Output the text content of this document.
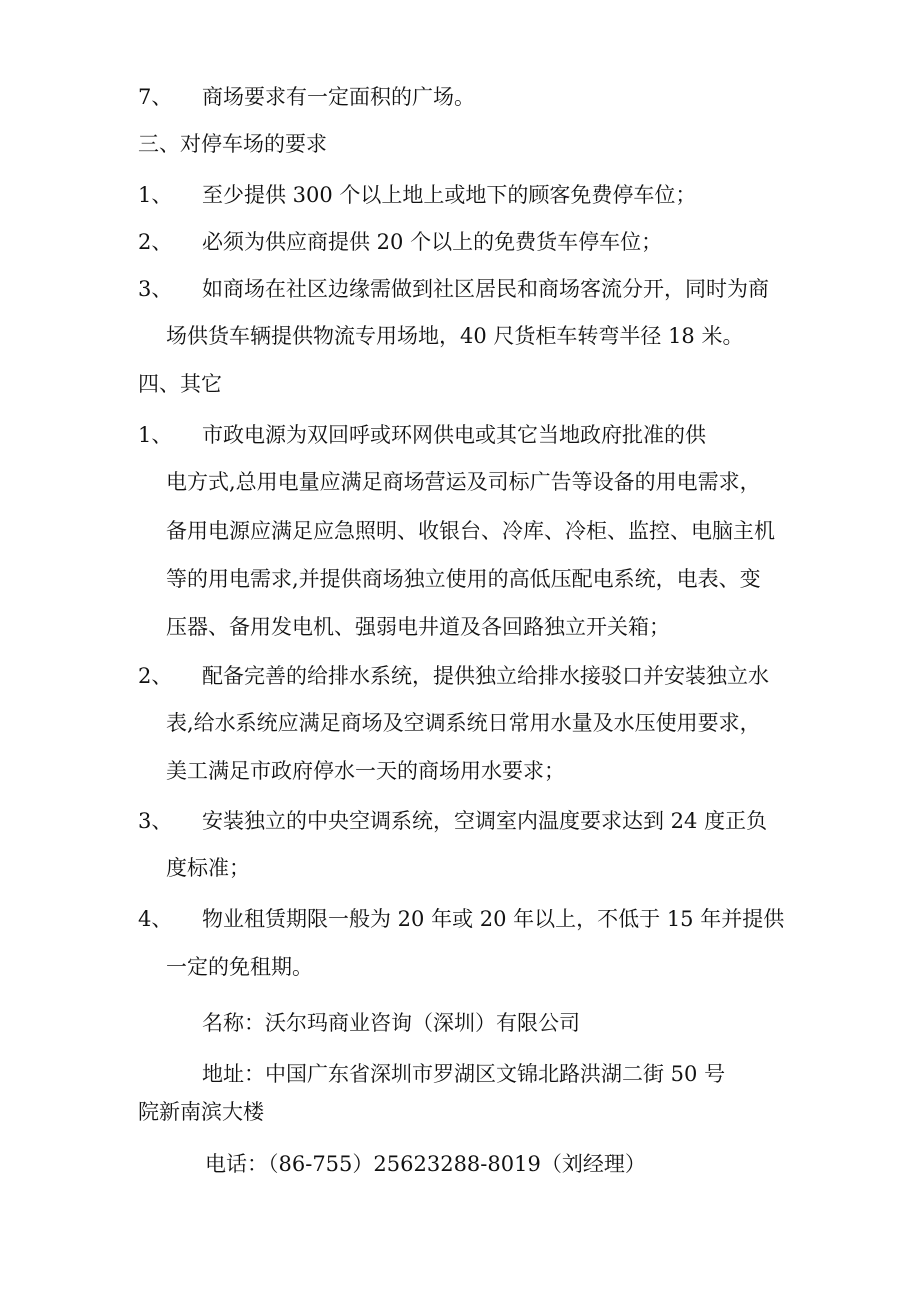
7、 商场要求有一定面积的广场。
三、对停车场的要求
1、 至少提供 300 个以上地上或地下的顾客免费停车位；
2、 必须为供应商提供 20 个以上的免费货车停车位；
3、 如商场在社区边缘需做到社区居民和商场客流分开，同时为商
场供货车辆提供物流专用场地，40 尺货柜车转弯半径 18 米。
四、其它
1、 市政电源为双回呼或环网供电或其它当地政府批准的供
电方式,总用电量应满足商场营运及司标广告等设备的用电需求，
备用电源应满足应急照明、收银台、冷库、冷柜、监控、电脑主机
等的用电需求,并提供商场独立使用的高低压配电系统，电表、变
压器、备用发电机、强弱电井道及各回路独立开关箱；
2、 配备完善的给排水系统，提供独立给排水接驳口并安装独立水
表,给水系统应满足商场及空调系统日常用水量及水压使用要求，
美工满足市政府停水一天的商场用水要求；
3、 安装独立的中央空调系统，空调室内温度要求达到 24 度正负
度标准；
4、 物业租赁期限一般为 20 年或 20 年以上，不低于 15 年并提供
一定的免租期。
名称：沃尔玛商业咨询（深圳）有限公司
地址：中国广东省深圳市罗湖区文锦北路洪湖二街 50 号
院新南滨大楼
电话：（86-755）25623288-8019（刘经理）
